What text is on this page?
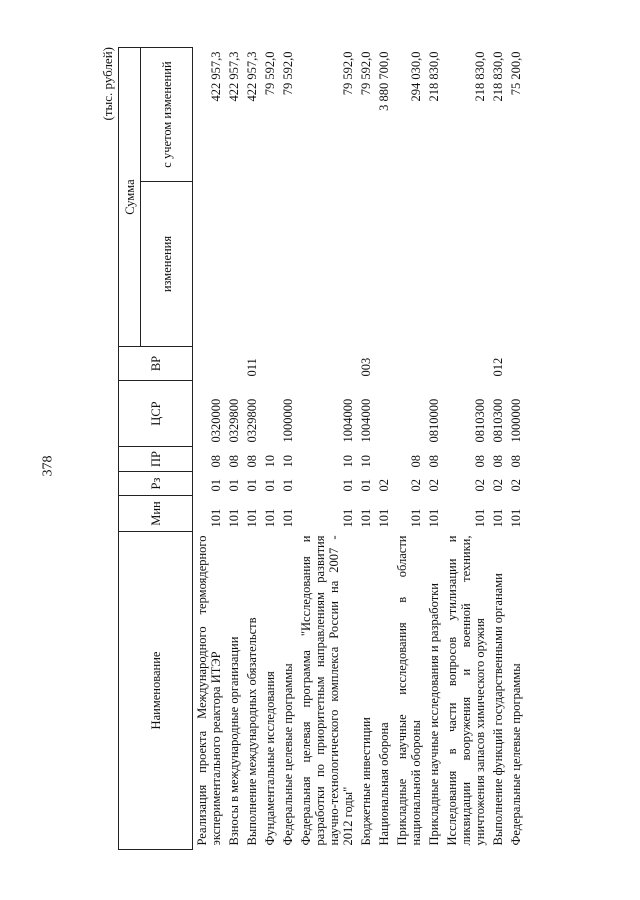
378
(тыс. рублей)
Наименование	Мин	Рз	ПР	ЦСР	ВР	Сумма	
						изменения	с учетом изменений
Реализация проекта Международного термоядерного экспериментального реактора ИТЭР	101	01	08	0320000			422 957,3
Взносы в международные организации	101	01	08	0329800			422 957,3
Выполнение международных обязательств	101	01	08	0329800	011		422 957,3
Фундаментальные исследования	101	01	10				79 592,0
Федеральные целевые программы	101	01	10	1000000			79 592,0
Федеральная целевая программа "Исследования и разработки по приоритетным направлениям развития научно-технологического комплекса России на 2007 - 2012 годы"	101	01	10	1004000			79 592,0
Бюджетные инвестиции	101	01	10	1004000	003		79 592,0
Национальная оборона	101	02					3 880 700,0
Прикладные научные исследования в области национальной обороны	101	02	08				294 030,0
Прикладные научные исследования и разработки	101	02	08	0810000			218 830,0
Исследования в части вопросов утилизации и ликвидации вооружения и военной техники, уничтожения запасов химического оружия	101	02	08	0810300			218 830,0
Выполнение функций государственными органами	101	02	08	0810300	012		218 830,0
Федеральные целевые программы	101	02	08	1000000			75 200,0
